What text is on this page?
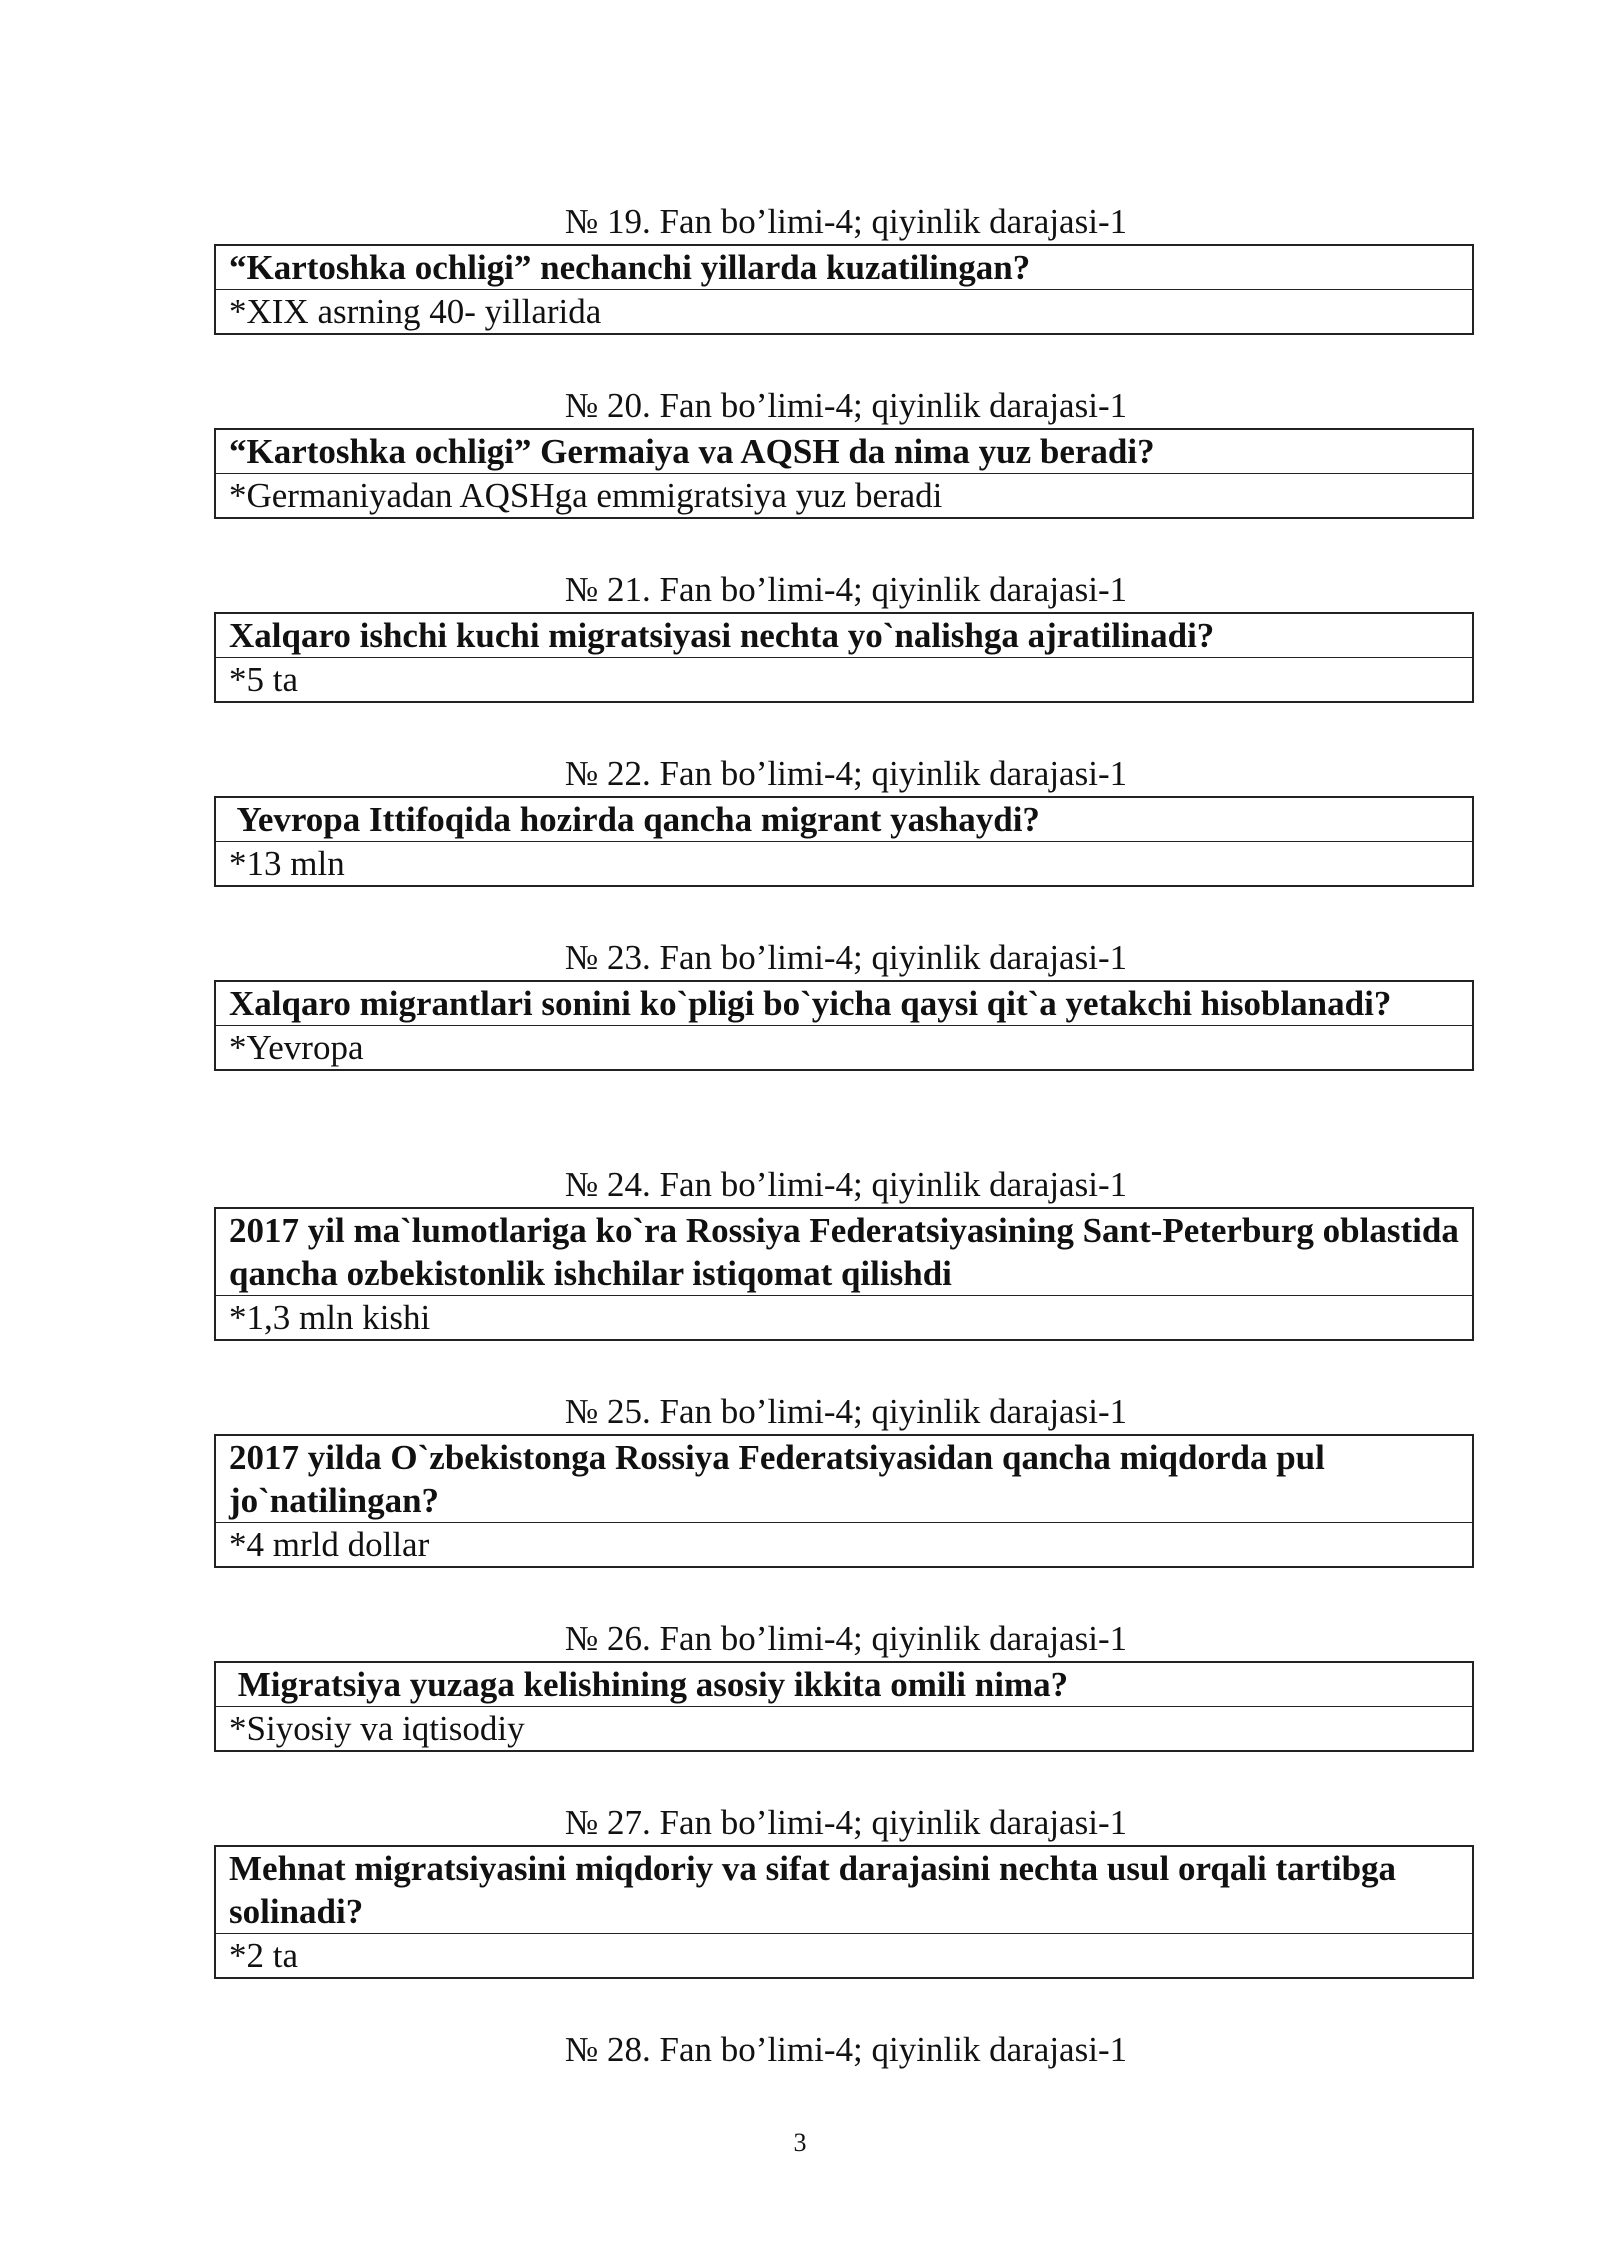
№ 19. Fan bo’limi-4; qiyinlik darajasi-1
“Kartoshka ochligi” nechanchi yillarda kuzatilingan?
*XIX asrning 40- yillarida
№ 20. Fan bo’limi-4; qiyinlik darajasi-1
“Kartoshka ochligi” Germaiya va AQSH da nima yuz beradi?
*Germaniyadan AQSHga emmigratsiya yuz beradi
№ 21. Fan bo’limi-4; qiyinlik darajasi-1
Xalqaro ishchi kuchi migratsiyasi nechta yo`nalishga ajratilinadi?
*5 ta
№ 22. Fan bo’limi-4; qiyinlik darajasi-1
Yevropa Ittifoqida hozirda qancha migrant yashaydi?
*13 mln
№ 23. Fan bo’limi-4; qiyinlik darajasi-1
Xalqaro migrantlari sonini ko`pligi bo`yicha qaysi qit`a yetakchi hisoblanadi?
*Yevropa
№ 24. Fan bo’limi-4; qiyinlik darajasi-1
2017 yil ma`lumotlariga ko`ra Rossiya Federatsiyasining Sant-Peterburg oblastida qancha ozbekistonlik ishchilar istiqomat qilishdi
*1,3 mln kishi
№ 25. Fan bo’limi-4; qiyinlik darajasi-1
2017 yilda O`zbekistonga Rossiya Federatsiyasidan qancha miqdorda pul jo`natilingan?
*4 mrld dollar
№ 26. Fan bo’limi-4; qiyinlik darajasi-1
Migratsiya yuzaga kelishining asosiy ikkita omili nima?
*Siyosiy va iqtisodiy
№ 27. Fan bo’limi-4; qiyinlik darajasi-1
Mehnat migratsiyasini miqdoriy va sifat darajasini nechta usul orqali tartibga solinadi?
*2 ta
№ 28. Fan bo’limi-4; qiyinlik darajasi-1
3
